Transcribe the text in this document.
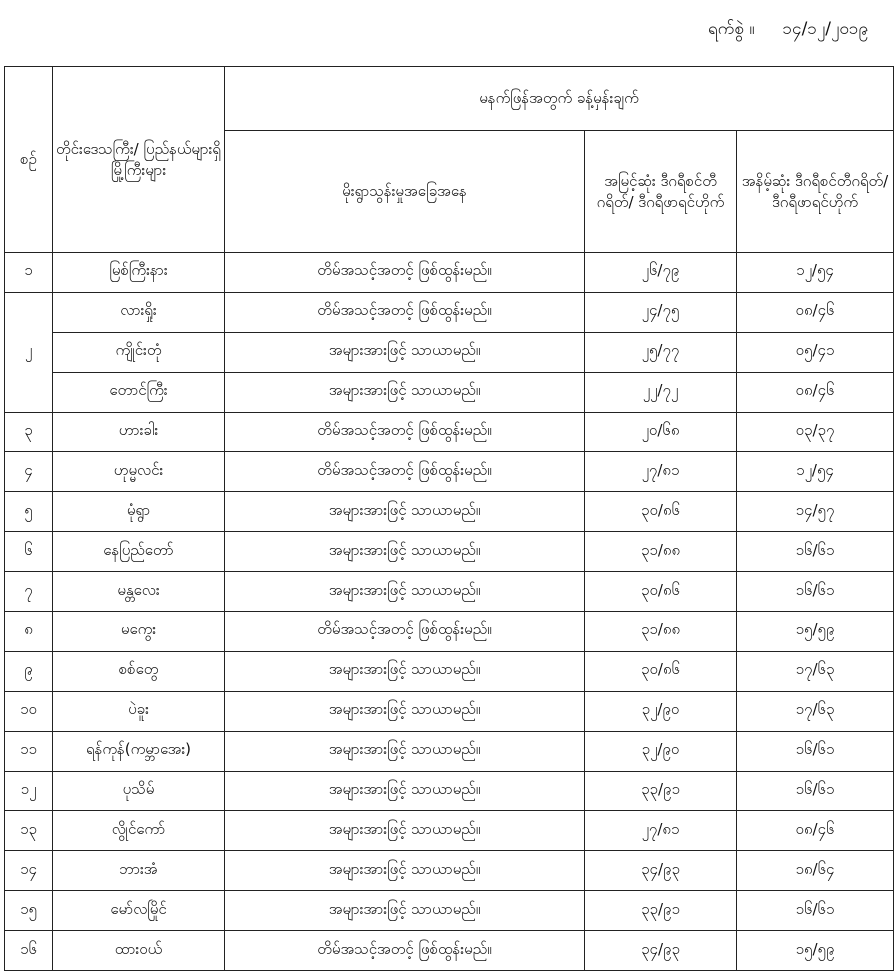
ရက်စွဲ ။ ၁၄/၁၂/၂၀၁၉
စဉ်	တိုင်းဒေသကြီး/ ပြည်နယ်များရှိ မြို့ကြီးများ	မနက်ဖြန်အတွက် ခန့်မှန်းချက်		
		မိုးရွာသွန်းမှုအခြေအနေ	အမြင့်ဆုံး ဒီဂရီစင်တီဂရိတ်/ ဒီဂရီဖာရင်ဟိုက်	အနိမ့်ဆုံး ဒီဂရီစင်တီဂရိတ်/ ဒီဂရီဖာရင်ဟိုက်
၁	မြစ်ကြီးနား	တိမ်အသင့်အတင့် ဖြစ်ထွန်းမည်။	၂၆/၇၉	၁၂/၅၄
၂	လားရှိုး	တိမ်အသင့်အတင့် ဖြစ်ထွန်းမည်။	၂၄/၇၅	၀၈/၄၆
	ကျိုင်းတုံ	အများအားဖြင့် သာယာမည်။	၂၅/၇၇	၀၅/၄၁
	တောင်ကြီး	အများအားဖြင့် သာယာမည်။	၂၂/၇၂	၀၈/၄၆
၃	ဟားခါး	တိမ်အသင့်အတင့် ဖြစ်ထွန်းမည်။	၂၀/၆၈	၀၃/၃၇
၄	ဟုမ္မလင်း	တိမ်အသင့်အတင့် ဖြစ်ထွန်းမည်။	၂၇/၈၁	၁၂/၅၄
၅	မုံရွာ	အများအားဖြင့် သာယာမည်။	၃၀/၈၆	၁၄/၅၇
၆	နေပြည်တော်	အများအားဖြင့် သာယာမည်။	၃၁/၈၈	၁၆/၆၁
၇	မန္တလေး	အများအားဖြင့် သာယာမည်။	၃၀/၈၆	၁၆/၆၁
၈	မကွေး	တိမ်အသင့်အတင့် ဖြစ်ထွန်းမည်။	၃၁/၈၈	၁၅/၅၉
၉	စစ်တွေ	အများအားဖြင့် သာယာမည်။	၃၀/၈၆	၁၇/၆၃
၁၀	ပဲခူး	အများအားဖြင့် သာယာမည်။	၃၂/၉၀	၁၇/၆၃
၁၁	ရန်ကုန်(ကမ္ဘာအေး)	အများအားဖြင့် သာယာမည်။	၃၂/၉၀	၁၆/၆၁
၁၂	ပုသိမ်	အများအားဖြင့် သာယာမည်။	၃၃/၉၁	၁၆/၆၁
၁၃	လွိုင်ကော်	အများအားဖြင့် သာယာမည်။	၂၇/၈၁	၀၈/၄၆
၁၄	ဘားအံ	အများအားဖြင့် သာယာမည်။	၃၄/၉၃	၁၈/၆၄
၁၅	မော်လမြိုင်	အများအားဖြင့် သာယာမည်။	၃၃/၉၁	၁၆/၆၁
၁၆	ထားဝယ်	တိမ်အသင့်အတင့် ဖြစ်ထွန်းမည်။	၃၄/၉၃	၁၅/၅၉
